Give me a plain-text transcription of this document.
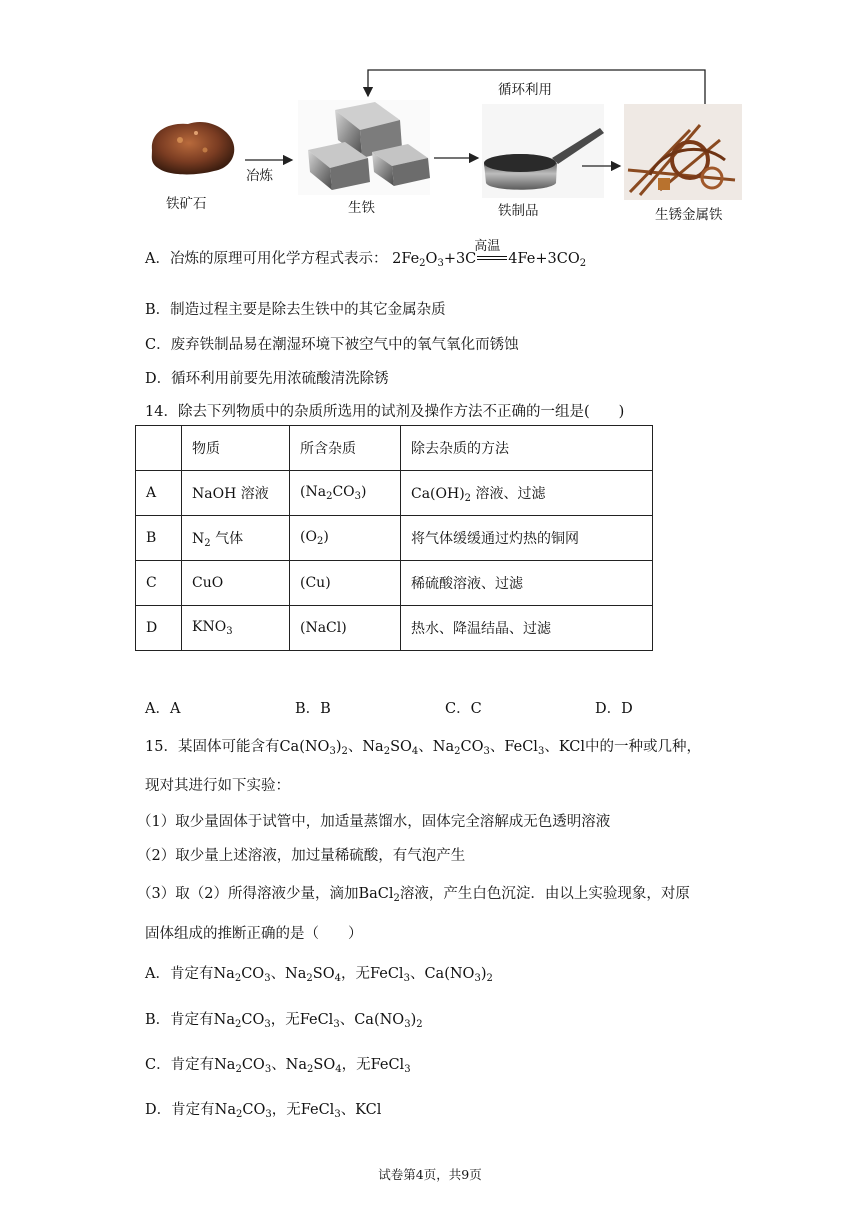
循环利用
冶炼
铁矿石	生铁	铁制品	生锈金属铁
A．冶炼的原理可用化学方程式表示： $2Fe_2O_3+3C$
高温
$4Fe+3CO_2$
B．制造过程主要是除去生铁中的其它金属杂质
C．废弃铁制品易在潮湿环境下被空气中的氧气氧化而锈蚀
D．循环利用前要先用浓硫酸清洗除锈
14．除去下列物质中的杂质所选用的试剂及操作方法不正确的一组是(　　)
	物质	所含杂质	除去杂质的方法
A	NaOH 溶液	$(Na_2CO_3)$	$Ca(OH)_2$ 溶液、过滤
B	$N_2$ 气体	$(O_2)$	将气体缓缓通过灼热的铜网
C	CuO	(Cu)	稀硫酸溶液、过滤
D	$KNO_3$	(NaCl)	热水、降温结晶、过滤
A．A	B．B	C．C	D．D
15．某固体可能含有$Ca(NO_3)_2$、$Na_2SO_4$、$Na_2CO_3$、FeCl$_3$、KCl中的一种或几种，
现对其进行如下实验：
（1）取少量固体于试管中，加适量蒸馏水，固体完全溶解成无色透明溶液
（2）取少量上述溶液，加过量稀硫酸，有气泡产生
（3）取（2）所得溶液少量，滴加BaCl$_2$溶液，产生白色沉淀．由以上实验现象，对原
固体组成的推断正确的是（　　）
A．肯定有$Na_2CO_3$、$Na_2SO_4$，无FeCl$_3$、$Ca(NO_3)_2$
B．肯定有$Na_2CO_3$，无FeCl$_3$、$Ca(NO_3)_2$
C．肯定有$Na_2CO_3$、$Na_2SO_4$，无FeCl$_3$
D．肯定有$Na_2CO_3$，无FeCl$_3$、KCl
试卷第4页，共9页
